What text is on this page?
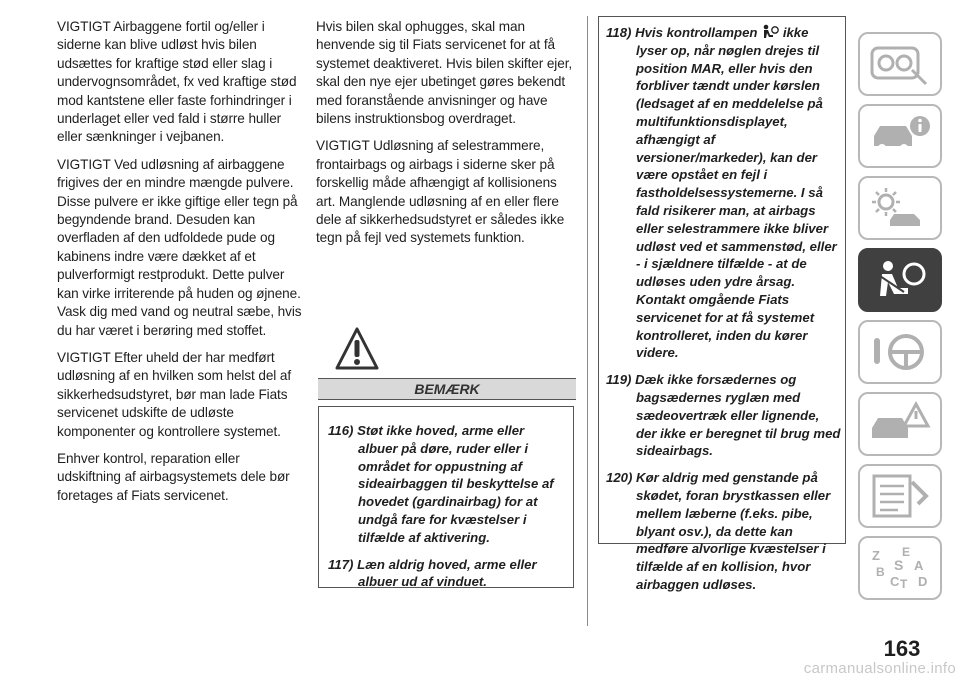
VIGTIGT Airbaggene fortil og/eller i siderne kan blive udløst hvis bilen udsættes for kraftige stød eller slag i undervognsområdet, fx ved kraftige stød mod kantstene eller faste forhindringer i underlaget eller ved fald i større huller eller sænkninger i vejbanen.

VIGTIGT Ved udløsning af airbaggene frigives der en mindre mængde pulvere. Disse pulvere er ikke giftige eller tegn på begyndende brand. Desuden kan overfladen af den udfoldede pude og kabinens indre være dækket af et pulverformigt restprodukt. Dette pulver kan virke irriterende på huden og øjnene. Vask dig med vand og neutral sæbe, hvis du har været i berøring med stoffet.

VIGTIGT Efter uheld der har medført udløsning af en hvilken som helst del af sikkerhedsudstyret, bør man lade Fiats servicenet udskifte de udløste komponenter og kontrollere systemet.

Enhver kontrol, reparation eller udskiftning af airbagsystemets dele bør foretages af Fiats servicenet.

Hvis bilen skal ophugges, skal man henvende sig til Fiats servicenet for at få systemet deaktiveret. Hvis bilen skifter ejer, skal den nye ejer ubetinget gøres bekendt med foranstående anvisninger og have bilens instruktionsbog overdraget.

VIGTIGT Udløsning af selestrammere, frontairbags og airbags i siderne sker på forskellig måde afhængigt af kollisionens art. Manglende udløsning af en eller flere dele af sikkerhedsudstyret er således ikke tegn på fejl ved systemets funktion.

BEMÆRK

116) Støt ikke hoved, arme eller albuer på døre, ruder eller i området for oppustning af sideairbaggen til beskyttelse af hovedet (gardinairbag) for at undgå fare for kvæstelser i tilfælde af aktivering.

117) Læn aldrig hoved, arme eller albuer ud af vinduet.

118) Hvis kontrollampen ikke lyser op, når nøglen drejes til position MAR, eller hvis den forbliver tændt under kørslen (ledsaget af en meddelelse på multifunktionsdisplayet, afhængigt af versioner/markeder), kan der være opstået en fejl i fastholdelsessystemerne. I så fald risikerer man, at airbags eller selestrammere ikke bliver udløst ved et sammenstød, eller - i sjældnere tilfælde - at de udløses uden ydre årsag. Kontakt omgående Fiats servicenet for at få systemet kontrolleret, inden du kører videre.

119) Dæk ikke forsædernes og bagsædernes ryglæn med sædeovertræk eller lignende, der ikke er beregnet til brug med sideairbags.

120) Kør aldrig med genstande på skødet, foran brystkassen eller mellem læberne (f.eks. pibe, blyant osv.), da dette kan medføre alvorlige kvæstelser i tilfælde af en kollision, hvor airbaggen udløses.

Z E
A
B
C T D
S
163
carmanualsonline.info
